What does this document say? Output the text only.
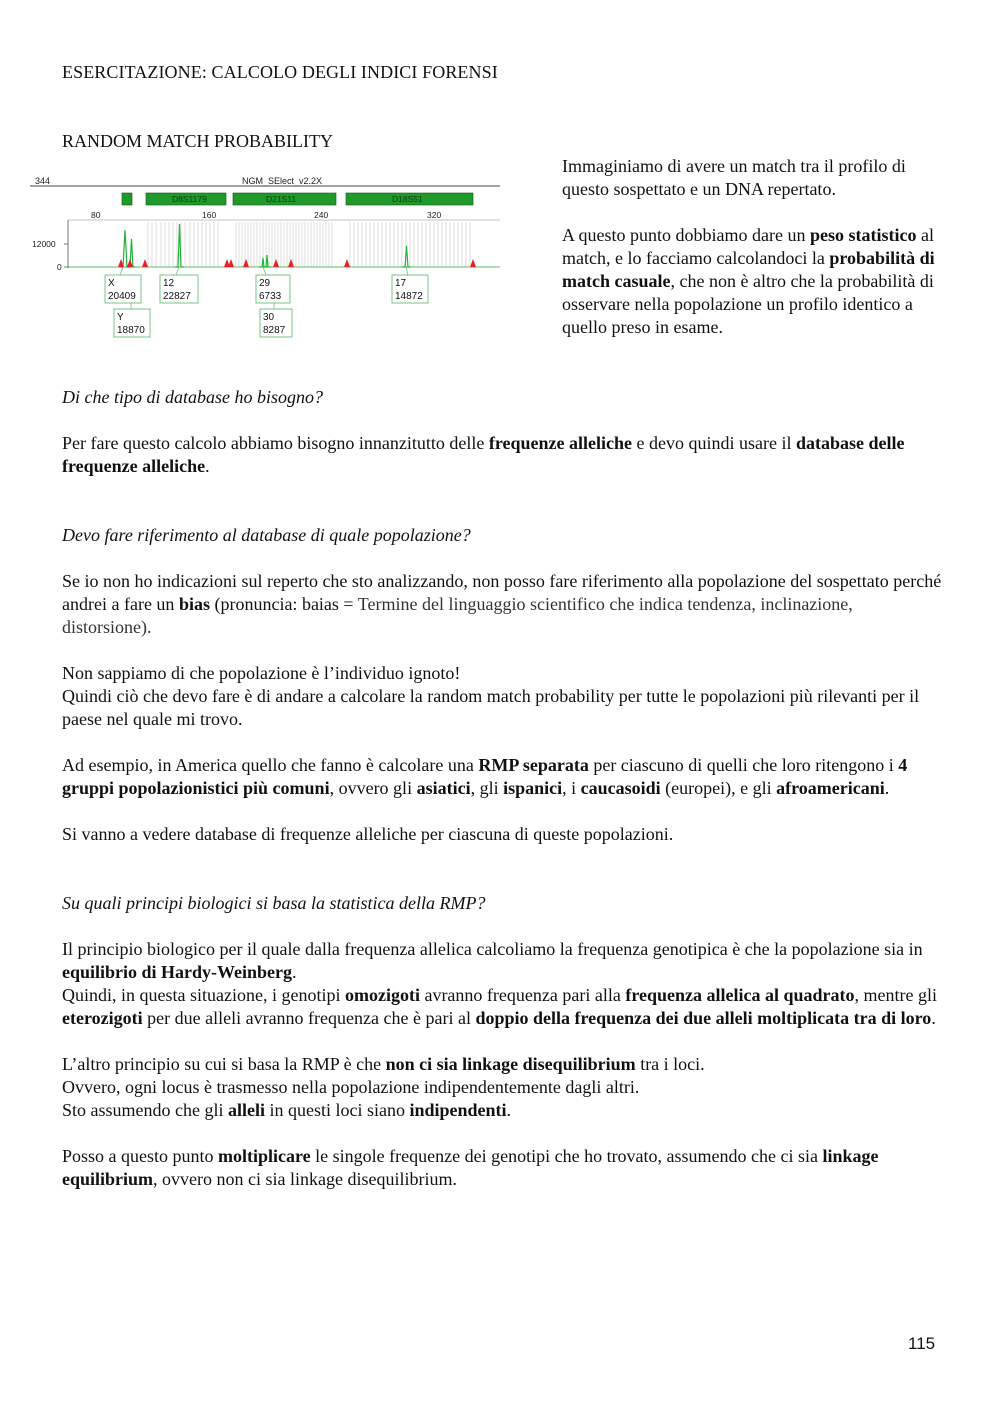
ESERCITAZIONE: CALCOLO DEGLI INDICI FORENSI
RANDOM MATCH PROBABILITY
344	NGM_SElect_v2.2X
D8S1179	D21S11	D18S51
80	160	240	320
12000
0
X
20409
Y
18870
12
22827
29
6733
30
8287
17
14872

Immaginiamo di avere un match tra il profilo di questo sospettato e un DNA repertato.

A questo punto dobbiamo dare un peso statistico al match, e lo facciamo calcolandoci la probabilità di match casuale, che non è altro che la probabilità di osservare nella popolazione un profilo identico a quello preso in esame.

Di che tipo di database ho bisogno?

Per fare questo calcolo abbiamo bisogno innanzitutto delle frequenze alleliche e devo quindi usare il database delle frequenze alleliche.

Devo fare riferimento al database di quale popolazione?

Se io non ho indicazioni sul reperto che sto analizzando, non posso fare riferimento alla popolazione del sospettato perché andrei a fare un bias (pronuncia: baias = Termine del linguaggio scientifico che indica tendenza, inclinazione, distorsione).

Non sappiamo di che popolazione è l’individuo ignoto!

Quindi ciò che devo fare è di andare a calcolare la random match probability per tutte le popolazioni più rilevanti per il paese nel quale mi trovo.

Ad esempio, in America quello che fanno è calcolare una RMP separata per ciascuno di quelli che loro ritengono i 4 gruppi popolazionistici più comuni, ovvero gli asiatici, gli ispanici, i caucasoidi (europei), e gli afroamericani.

Si vanno a vedere database di frequenze alleliche per ciascuna di queste popolazioni.

Su quali principi biologici si basa la statistica della RMP?

Il principio biologico per il quale dalla frequenza allelica calcoliamo la frequenza genotipica è che la popolazione sia in equilibrio di Hardy-Weinberg.

Quindi, in questa situazione, i genotipi omozigoti avranno frequenza pari alla frequenza allelica al quadrato, mentre gli eterozigoti per due alleli avranno frequenza che è pari al doppio della frequenza dei due alleli moltiplicata tra di loro.

L’altro principio su cui si basa la RMP è che non ci sia linkage disequilibrium tra i loci.

Ovvero, ogni locus è trasmesso nella popolazione indipendentemente dagli altri.

Sto assumendo che gli alleli in questi loci siano indipendenti.

Posso a questo punto moltiplicare le singole frequenze dei genotipi che ho trovato, assumendo che ci sia linkage equilibrium, ovvero non ci sia linkage disequilibrium.

115
